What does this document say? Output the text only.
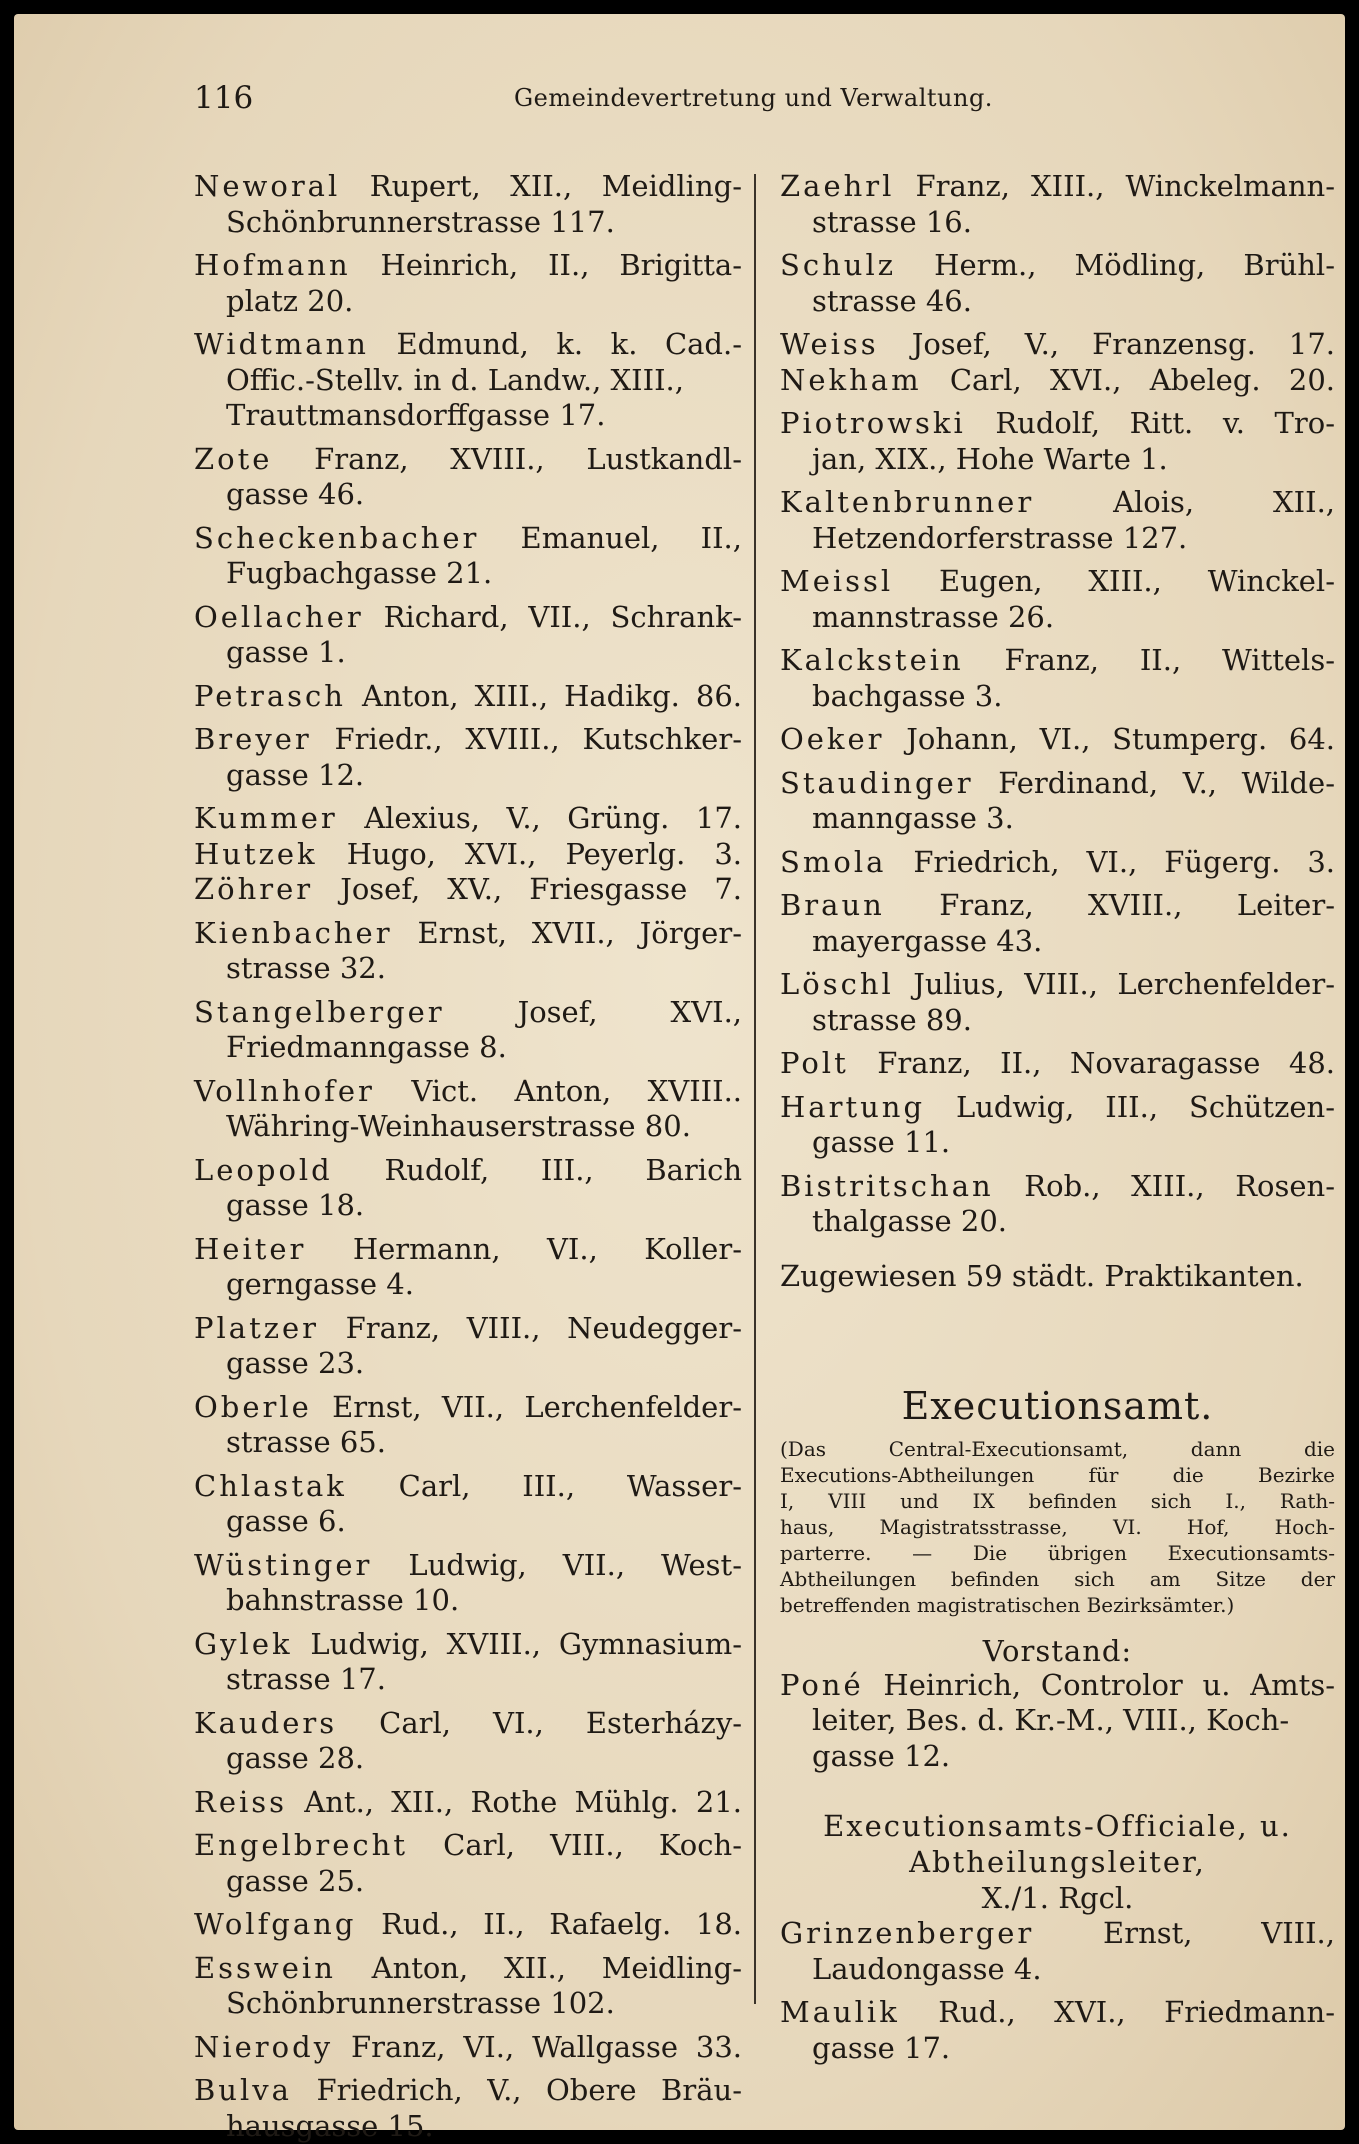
116	Gemeindevertretung und Verwaltung.
Neworal Rupert, XII., Meidling-
Schönbrunnerstrasse 117.
Hofmann Heinrich, II., Brigitta-
platz 20.
Widtmann Edmund, k. k. Cad.-
Offic.-Stellv. in d. Landw., XIII.,
Trauttmansdorffgasse 17.
Zote Franz, XVIII., Lustkandl-
gasse 46.
Scheckenbacher Emanuel, II.,
Fugbachgasse 21.
Oellacher Richard, VII., Schrank-
gasse 1.
Petrasch Anton, XIII., Hadikg. 86.
Breyer Friedr., XVIII., Kutschker-
gasse 12.
Kummer Alexius, V., Grüng. 17.
Hutzek Hugo, XVI., Peyerlg. 3.
Zöhrer Josef, XV., Friesgasse 7.
Kienbacher Ernst, XVII., Jörger-
strasse 32.
Stangelberger	Josef, XVI.,
Friedmanngasse 8.
Vollnhofer Vict. Anton, XVIII..
Währing-Weinhauserstrasse 80.
Leopold Rudolf, III., Barich
gasse 18.
Heiter Hermann, VI., Koller-
gerngasse 4.
Platzer Franz, VIII., Neudegger-
gasse 23.
Oberle Ernst, VII., Lerchenfelder-
strasse 65.
Chlastak Carl, III., Wasser-
gasse 6.
Wüstinger Ludwig, VII., West-
bahnstrasse 10.
Gylek Ludwig, XVIII., Gymnasium-
strasse 17.
Kauders Carl, VI., Esterházy-
gasse 28.
Reiss Ant., XII., Rothe Mühlg. 21.
Engelbrecht Carl, VIII., Koch-
gasse 25.
Wolfgang Rud., II., Rafaelg. 18.
Esswein Anton, XII., Meidling-
Schönbrunnerstrasse 102.
Nierody Franz, VI., Wallgasse 33.
Bulva Friedrich, V., Obere Bräu-
hausgasse 15.
Zaehrl Franz, XIII., Winckelmann-
strasse 16.
Schulz Herm., Mödling, Brühl-
strasse 46.
Weiss Josef, V., Franzensg. 17.
Nekham Carl, XVI., Abeleg. 20.
Piotrowski Rudolf, Ritt. v. Tro-
jan, XIX., Hohe Warte 1.
Kaltenbrunner	Alois, XII.,
Hetzendorferstrasse 127.
Meissl Eugen, XIII., Winckel-
mannstrasse 26.
Kalckstein Franz, II., Wittels-
bachgasse 3.
Oeker Johann, VI., Stumperg. 64.
Staudinger Ferdinand, V., Wilde-
manngasse 3.
Smola Friedrich, VI., Fügerg. 3.
Braun Franz, XVIII., Leiter-
mayergasse 43.
Löschl Julius, VIII., Lerchenfelder-
strasse 89.
Polt Franz, II., Novaragasse 48.
Hartung Ludwig, III., Schützen-
gasse 11.
Bistritschan Rob., XIII., Rosen-
thalgasse 20.
Zugewiesen 59 städt. Praktikanten.
Executionsamt.
(Das Central-Executionsamt, dann die
Executions-Abtheilungen für die Bezirke
I, VIII und IX befinden sich I., Rath-
haus, Magistratsstrasse, VI. Hof, Hoch-
parterre. — Die übrigen Executionsamts-
Abtheilungen befinden sich am Sitze der
betreffenden magistratischen Bezirksämter.)
Vorstand:
Poné Heinrich, Controlor u. Amts-
leiter, Bes. d. Kr.-M., VIII., Koch-
gasse 12.
Executionsamts-Officiale, u.
Abtheilungsleiter,
X./1. Rgcl.
Grinzenberger Ernst, VIII.,
Laudongasse 4.
Maulik Rud., XVI., Friedmann-
gasse 17.
